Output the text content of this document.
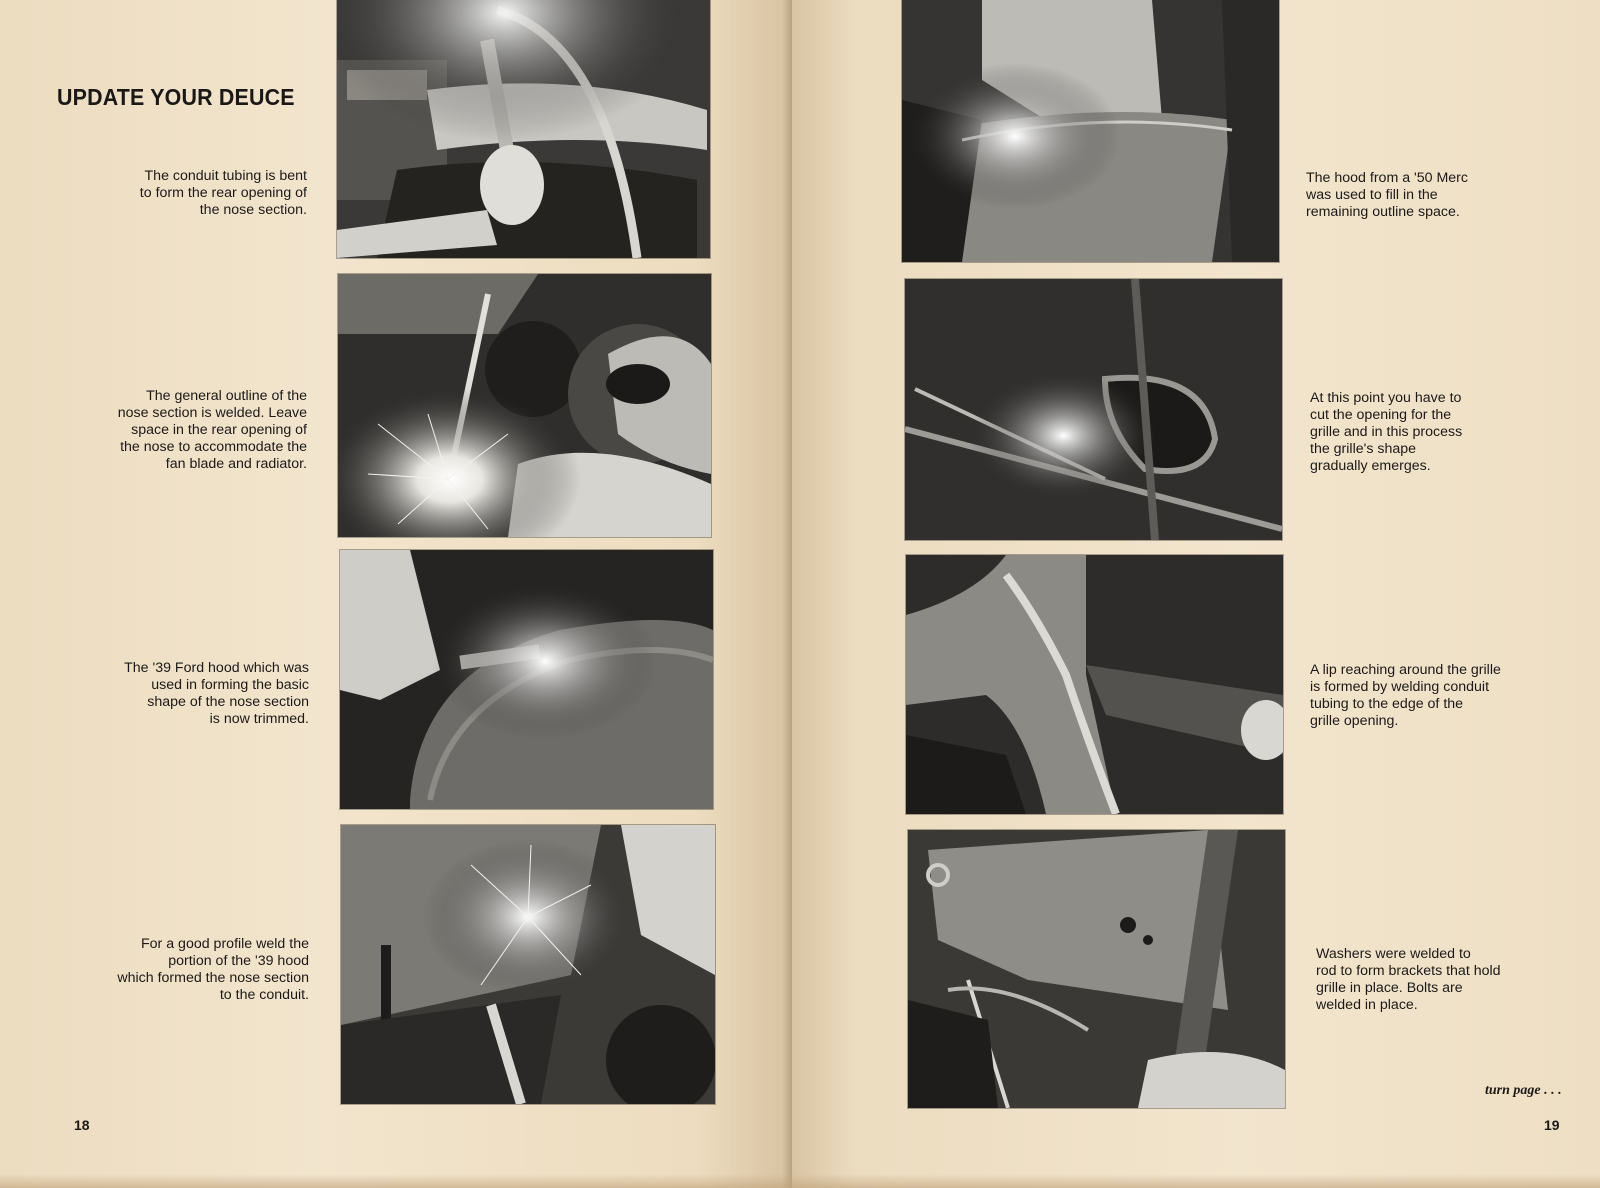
UPDATE YOUR DEUCE

The conduit tubing is bent
to form the rear opening of
the nose section.

The general outline of the
nose section is welded. Leave
space in the rear opening of
the nose to accommodate the
fan blade and radiator.

The '39 Ford hood which was
used in forming the basic
shape of the nose section
is now trimmed.

For a good profile weld the
portion of the '39 hood
which formed the nose section
to the conduit.

18

The hood from a '50 Merc
was used to fill in the
remaining outline space.

At this point you have to
cut the opening for the
grille and in this process
the grille's shape
gradually emerges.

A lip reaching around the grille
is formed by welding conduit
tubing to the edge of the
grille opening.

Washers were welded to
rod to form brackets that hold
grille in place. Bolts are
welded in place.

turn page . . .

19
